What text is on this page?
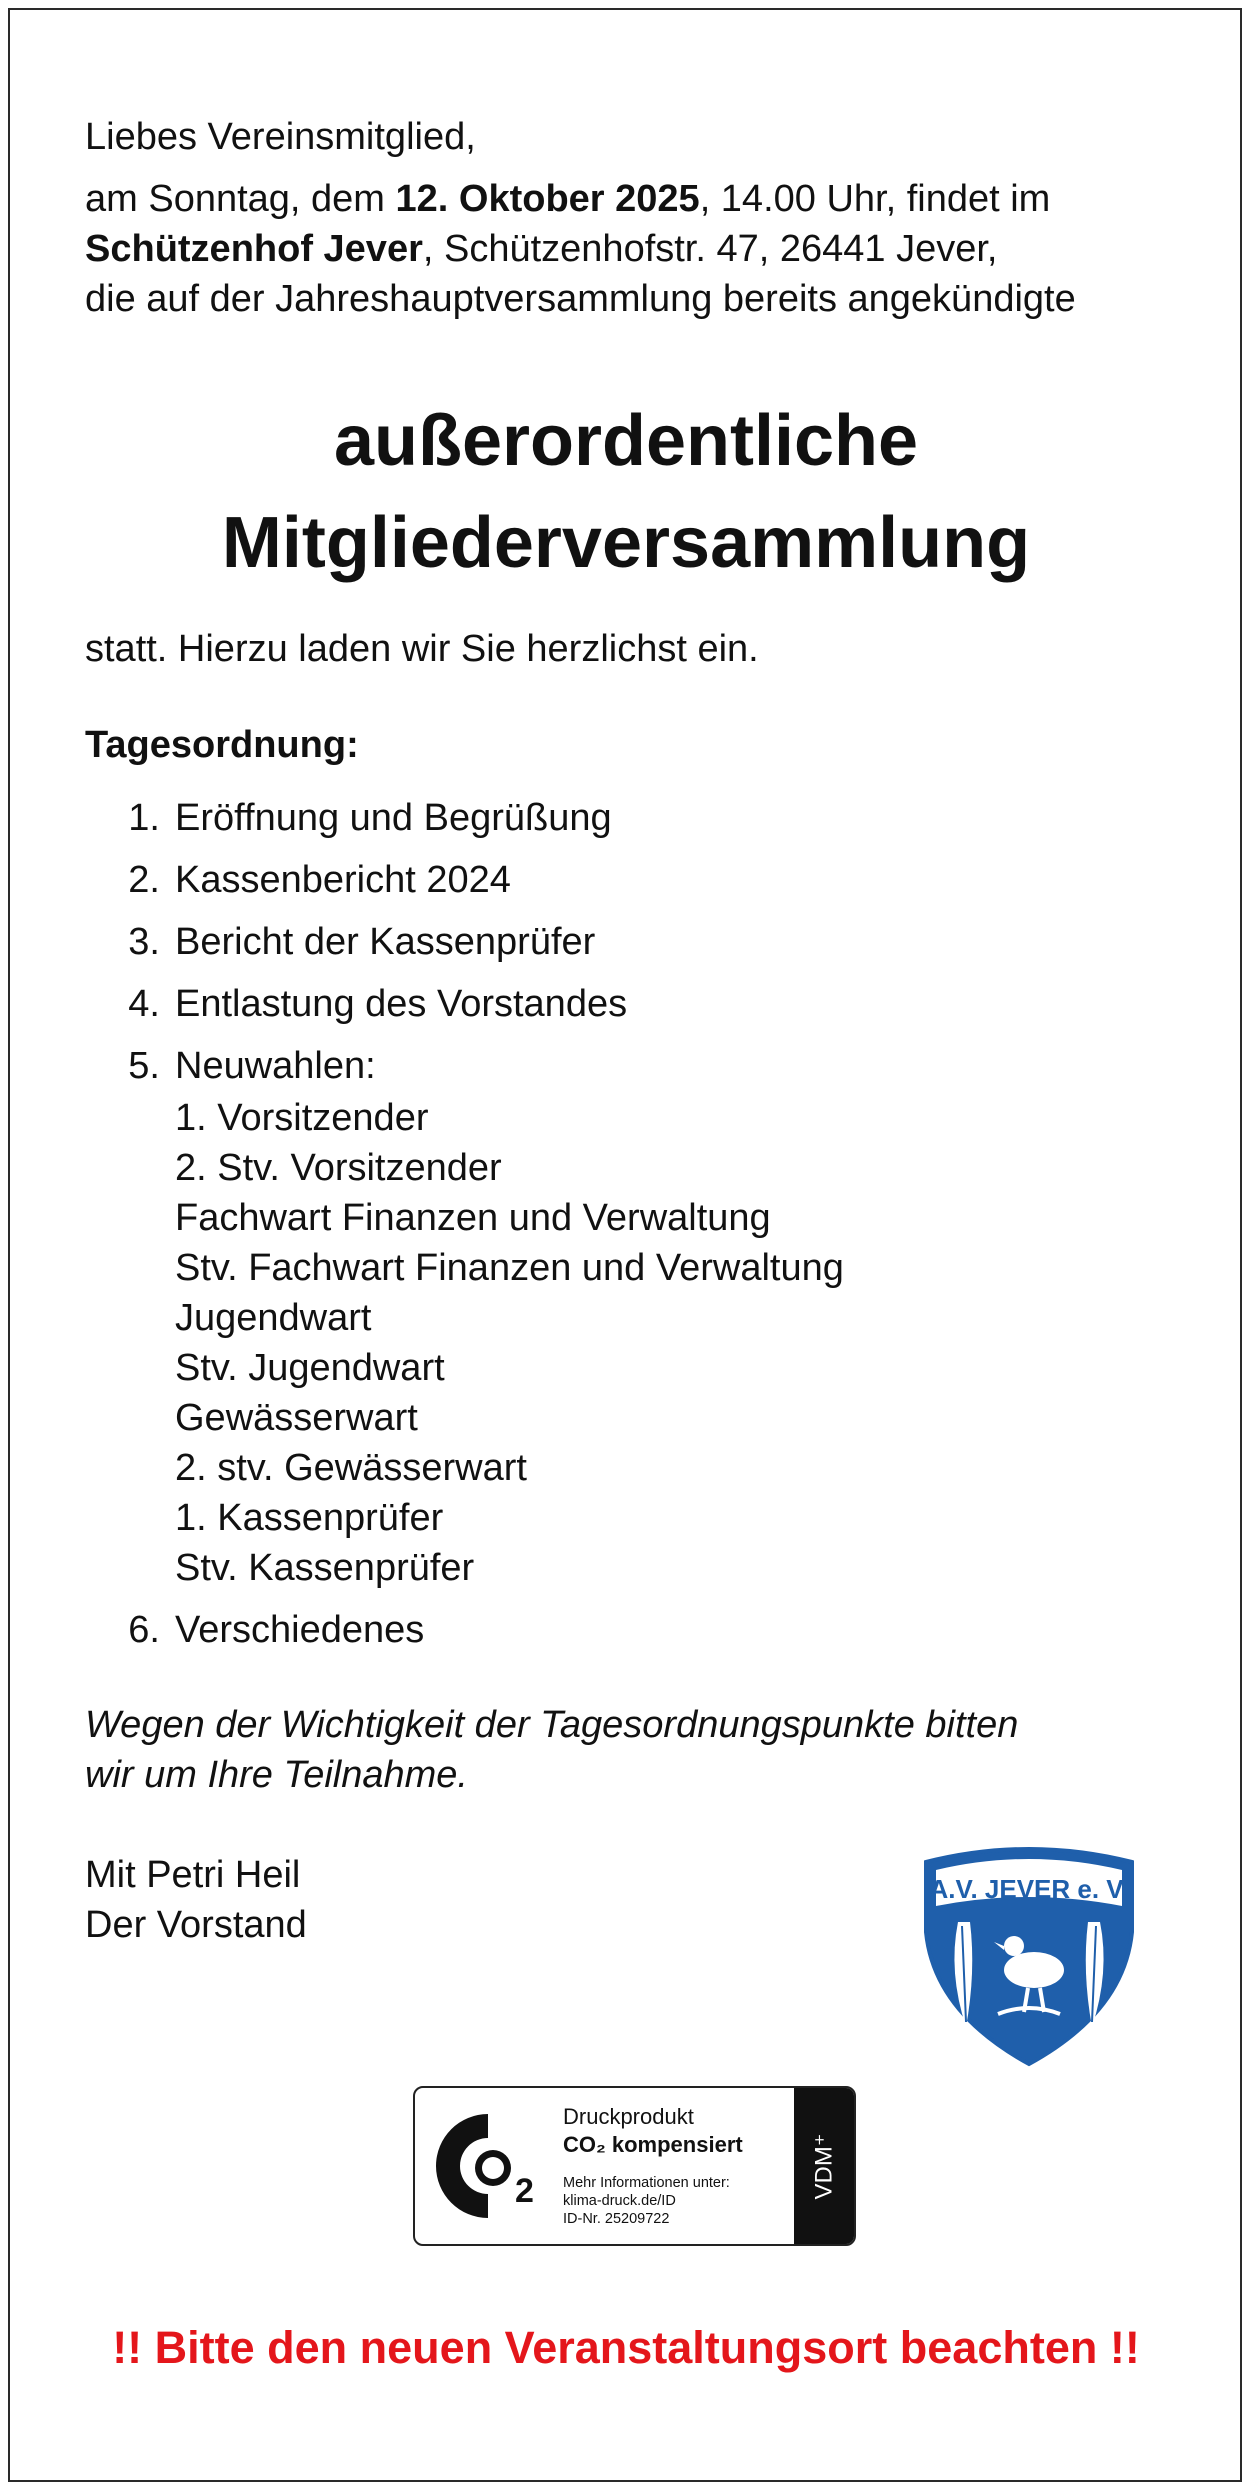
Liebes Vereinsmitglied,
am Sonntag, dem 12. Oktober 2025, 14.00 Uhr, findet im
Schützenhof Jever, Schützenhofstr. 47, 26441 Jever,
die auf der Jahreshauptversammlung bereits angekündigte
außerordentliche
Mitgliederversammlung
statt. Hierzu laden wir Sie herzlichst ein.
Tagesordnung:
1. Eröffnung und Begrüßung
2. Kassenbericht 2024
3. Bericht der Kassenprüfer
4. Entlastung des Vorstandes
5. Neuwahlen:
1. Vorsitzender
2. Stv. Vorsitzender
Fachwart Finanzen und Verwaltung
Stv. Fachwart Finanzen und Verwaltung
Jugendwart
Stv. Jugendwart
Gewässerwart
2. stv. Gewässerwart
1. Kassenprüfer
Stv. Kassenprüfer
6. Verschiedenes
Wegen der Wichtigkeit der Tagesordnungspunkte bitten
wir um Ihre Teilnahme.
Mit Petri Heil
Der Vorstand
A.V. JEVER e. V.
2
Druckprodukt
CO₂ kompensiert
Mehr Informationen unter:
klima-druck.de/ID
ID-Nr. 25209722
VDM⁺
!! Bitte den neuen Veranstaltungsort beachten !!
